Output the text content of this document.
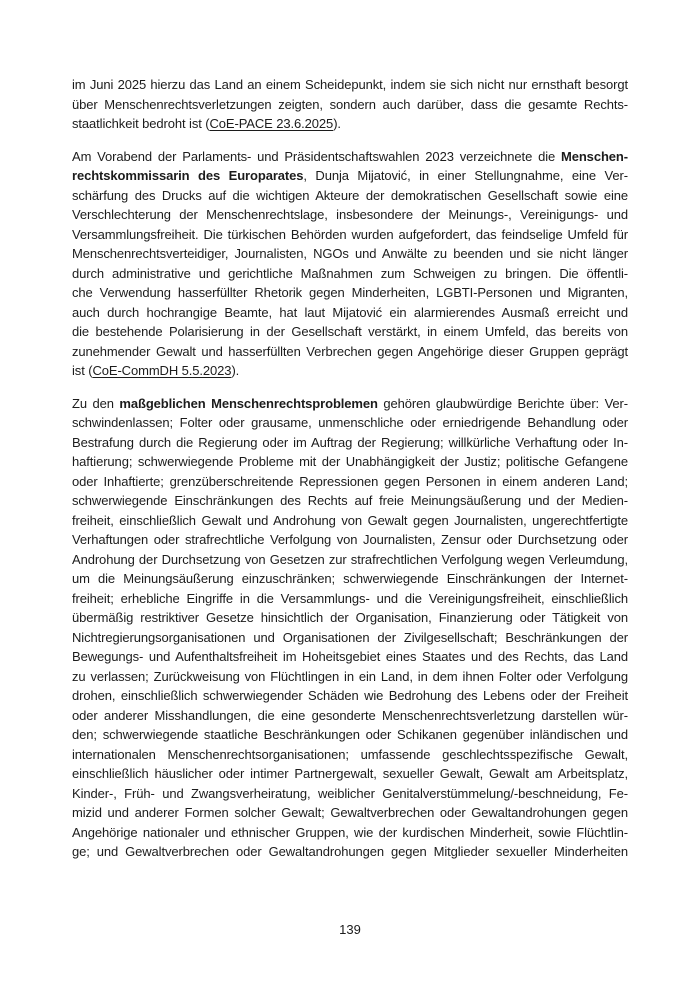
im Juni 2025 hierzu das Land an einem Scheidepunkt, indem sie sich nicht nur ernsthaft besorgt
über Menschenrechtsverletzungen zeigten, sondern auch darüber, dass die gesamte Rechts-
staatlichkeit bedroht ist (CoE-PACE 23.6.2025).
Am Vorabend der Parlaments- und Präsidentschaftswahlen 2023 verzeichnete die Menschen-
rechtskommissarin des Europarates, Dunja Mijatović, in einer Stellungnahme, eine Ver-
schärfung des Drucks auf die wichtigen Akteure der demokratischen Gesellschaft sowie eine
Verschlechterung der Menschenrechtslage, insbesondere der Meinungs-, Vereinigungs- und
Versammlungsfreiheit. Die türkischen Behörden wurden aufgefordert, das feindselige Umfeld für
Menschenrechtsverteidiger, Journalisten, NGOs und Anwälte zu beenden und sie nicht länger
durch administrative und gerichtliche Maßnahmen zum Schweigen zu bringen. Die öffentli-
che Verwendung hasserfüllter Rhetorik gegen Minderheiten, LGBTI-Personen und Migranten,
auch durch hochrangige Beamte, hat laut Mijatović ein alarmierendes Ausmaß erreicht und
die bestehende Polarisierung in der Gesellschaft verstärkt, in einem Umfeld, das bereits von
zunehmender Gewalt und hasserfüllten Verbrechen gegen Angehörige dieser Gruppen geprägt
ist (CoE-CommDH 5.5.2023).
Zu den maßgeblichen Menschenrechtsproblemen gehören glaubwürdige Berichte über: Ver-
schwindenlassen; Folter oder grausame, unmenschliche oder erniedrigende Behandlung oder
Bestrafung durch die Regierung oder im Auftrag der Regierung; willkürliche Verhaftung oder In-
haftierung; schwerwiegende Probleme mit der Unabhängigkeit der Justiz; politische Gefangene
oder Inhaftierte; grenzüberschreitende Repressionen gegen Personen in einem anderen Land;
schwerwiegende Einschränkungen des Rechts auf freie Meinungsäußerung und der Medien-
freiheit, einschließlich Gewalt und Androhung von Gewalt gegen Journalisten, ungerechtfertigte
Verhaftungen oder strafrechtliche Verfolgung von Journalisten, Zensur oder Durchsetzung oder
Androhung der Durchsetzung von Gesetzen zur strafrechtlichen Verfolgung wegen Verleumdung,
um die Meinungsäußerung einzuschränken; schwerwiegende Einschränkungen der Internet-
freiheit; erhebliche Eingriffe in die Versammlungs- und die Vereinigungsfreiheit, einschließlich
übermäßig restriktiver Gesetze hinsichtlich der Organisation, Finanzierung oder Tätigkeit von
Nichtregierungsorganisationen und Organisationen der Zivilgesellschaft; Beschränkungen der
Bewegungs- und Aufenthaltsfreiheit im Hoheitsgebiet eines Staates und des Rechts, das Land
zu verlassen; Zurückweisung von Flüchtlingen in ein Land, in dem ihnen Folter oder Verfolgung
drohen, einschließlich schwerwiegender Schäden wie Bedrohung des Lebens oder der Freiheit
oder anderer Misshandlungen, die eine gesonderte Menschenrechtsverletzung darstellen wür-
den; schwerwiegende staatliche Beschränkungen oder Schikanen gegenüber inländischen und
internationalen Menschenrechtsorganisationen; umfassende geschlechtsspezifische Gewalt,
einschließlich häuslicher oder intimer Partnergewalt, sexueller Gewalt, Gewalt am Arbeitsplatz,
Kinder-, Früh- und Zwangsverheiratung, weiblicher Genitalverstümmelung/-beschneidung, Fe-
mizid und anderer Formen solcher Gewalt; Gewaltverbrechen oder Gewaltandrohungen gegen
Angehörige nationaler und ethnischer Gruppen, wie der kurdischen Minderheit, sowie Flüchtlin-
ge; und Gewaltverbrechen oder Gewaltandrohungen gegen Mitglieder sexueller Minderheiten
139
